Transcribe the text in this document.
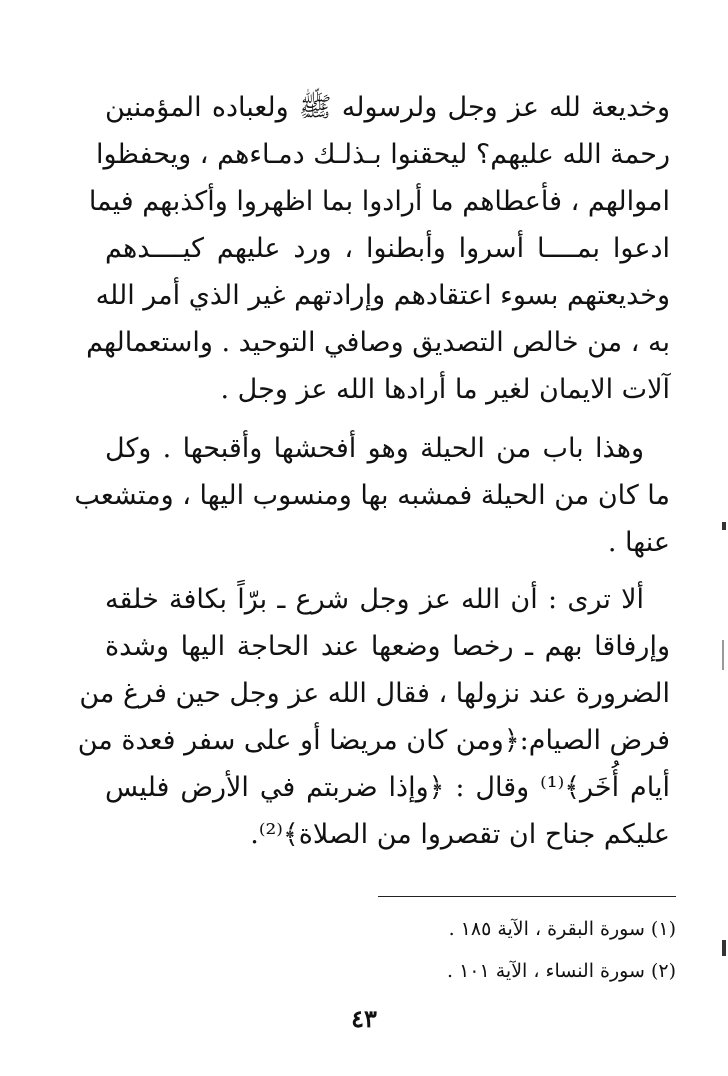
وخديعة لله عز وجل ولرسوله ﷺ ولعباده المؤمنين
رحمة الله عليهم؟ ليحقنوا بـذلـك دمـاءهم ، ويحفظوا
اموالهم ، فأعطاهم ما أرادوا بما اظهروا وأكذبهم فيما
ادعوا بمــــا أسروا وأبطنوا ، ورد عليهم كيــــدهم
وخديعتهم بسوء اعتقادهم وإرادتهم غير الذي أمر الله
به ، من خالص التصديق وصافي التوحيد . واستعمالهم
آلات الايمان لغير ما أرادها الله عز وجل .
وهذا باب من الحيلة وهو أفحشها وأقبحها . وكل
ما كان من الحيلة فمشبه بها ومنسوب اليها ، ومتشعب
عنها .
ألا ترى : أن الله عز وجل شرع ـ برّاً بكافة خلقه
وإرفاقا بهم ـ رخصا وضعها عند الحاجة اليها وشدة
الضرورة عند نزولها ، فقال الله عز وجل حين فرغ من
فرض الصيام:﴿ومن كان مريضا أو على سفر فعدة من
أيام أُخَر﴾⁽¹⁾ وقال : ﴿وإذا ضربتم في الأرض فليس
عليكم جناح ان تقصروا من الصلاة﴾⁽²⁾.
(١) سورة البقرة ، الآية ١٨٥ .
(٢) سورة النساء ، الآية ١٠١ .
٤٣
